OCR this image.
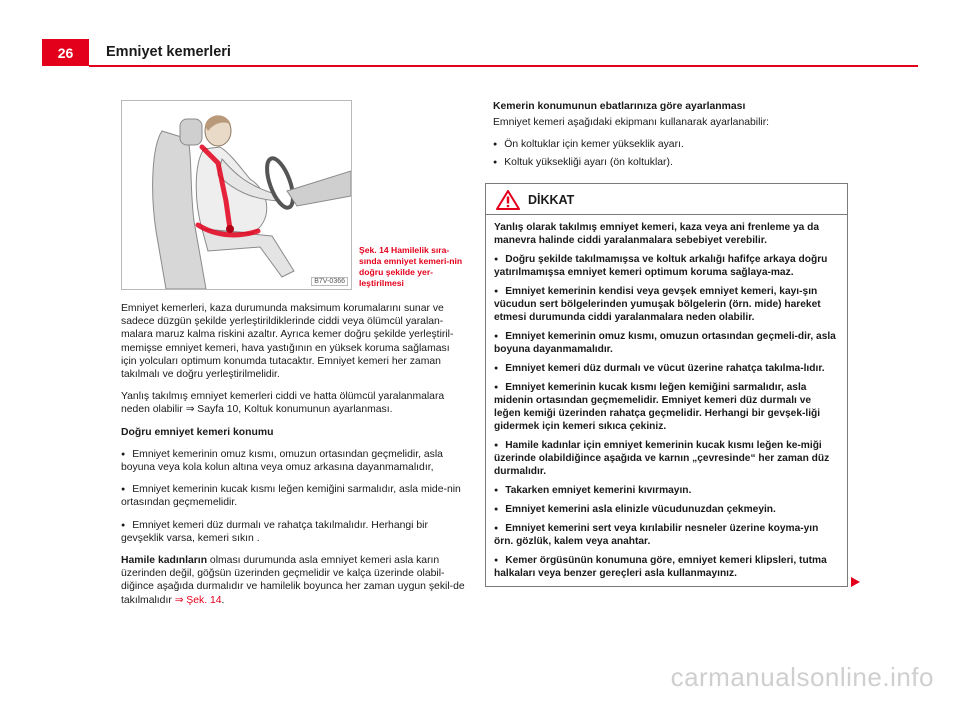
26	Emniyet kemerleri
B7V-0366
Şek. 14 Hamilelik sıra-sında emniyet kemeri-nin doğru şekilde yer-leştirilmesi

Emniyet kemerleri, kaza durumunda maksimum korumalarını sunar ve sadece düzgün şekilde yerleştirildiklerinde ciddi veya ölümcül yaralan-malara maruz kalma riskini azaltır. Ayrıca kemer doğru şekilde yerleştiril-memişse emniyet kemeri, hava yastığının en yüksek koruma sağlaması için yolcuları optimum konumda tutacaktır. Emniyet kemeri her zaman takılmalı ve doğru yerleştirilmelidir.

Yanlış takılmış emniyet kemerleri ciddi ve hatta ölümcül yaralanmalara neden olabilir ⇒ Sayfa 10, Koltuk konumunun ayarlanması.

Doğru emniyet kemeri konumu

● Emniyet kemerinin omuz kısmı, omuzun ortasından geçmelidir, asla boyuna veya kola kolun altına veya omuz arkasına dayanmamalıdır,

● Emniyet kemerinin kucak kısmı leğen kemiğini sarmalıdır, asla mide-nin ortasından geçmemelidir.

● Emniyet kemeri düz durmalı ve rahatça takılmalıdır. Herhangi bir gevşeklik varsa, kemeri sıkın .

Hamile kadınların olması durumunda asla emniyet kemeri asla karın üzerinden değil, göğsün üzerinden geçmelidir ve kalça üzerinde olabil-diğince aşağıda durmalıdır ve hamilelik boyunca her zaman uygun şekil-de takılmalıdır ⇒ Şek. 14.

Kemerin konumunun ebatlarınıza göre ayarlanması

Emniyet kemeri aşağıdaki ekipmanı kullanarak ayarlanabilir:

● Ön koltuklar için kemer yükseklik ayarı.

● Koltuk yüksekliği ayarı (ön koltuklar).

DİKKAT

Yanlış olarak takılmış emniyet kemeri, kaza veya ani frenleme ya da manevra halinde ciddi yaralanmalara sebebiyet verebilir.

● Doğru şekilde takılmamışsa ve koltuk arkalığı hafifçe arkaya doğru yatırılmamışsa emniyet kemeri optimum koruma sağlaya-maz.

● Emniyet kemerinin kendisi veya gevşek emniyet kemeri, kayı-şın vücudun sert bölgelerinden yumuşak bölgelerin (örn. mide) hareket etmesi durumunda ciddi yaralanmalara neden olabilir.

● Emniyet kemerinin omuz kısmı, omuzun ortasından geçmeli-dir, asla boyuna dayanmamalıdır.

● Emniyet kemeri düz durmalı ve vücut üzerine rahatça takılma-lıdır.

● Emniyet kemerinin kucak kısmı leğen kemiğini sarmalıdır, asla midenin ortasından geçmemelidir. Emniyet kemeri düz durmalı ve leğen kemiği üzerinden rahatça geçmelidir. Herhangi bir gevşek-liği gidermek için kemeri sıkıca çekiniz.

● Hamile kadınlar için emniyet kemerinin kucak kısmı leğen ke-miği üzerinde olabildiğince aşağıda ve karnın „çevresinde“ her zaman düz durmalıdır.

● Takarken emniyet kemerini kıvırmayın.

● Emniyet kemerini asla elinizle vücudunuzdan çekmeyin.

● Emniyet kemerini sert veya kırılabilir nesneler üzerine koyma-yın örn. gözlük, kalem veya anahtar.

● Kemer örgüsünün konumuna göre, emniyet kemeri klipsleri, tutma halkaları veya benzer gereçleri asla kullanmayınız.

carmanualsonline.info
